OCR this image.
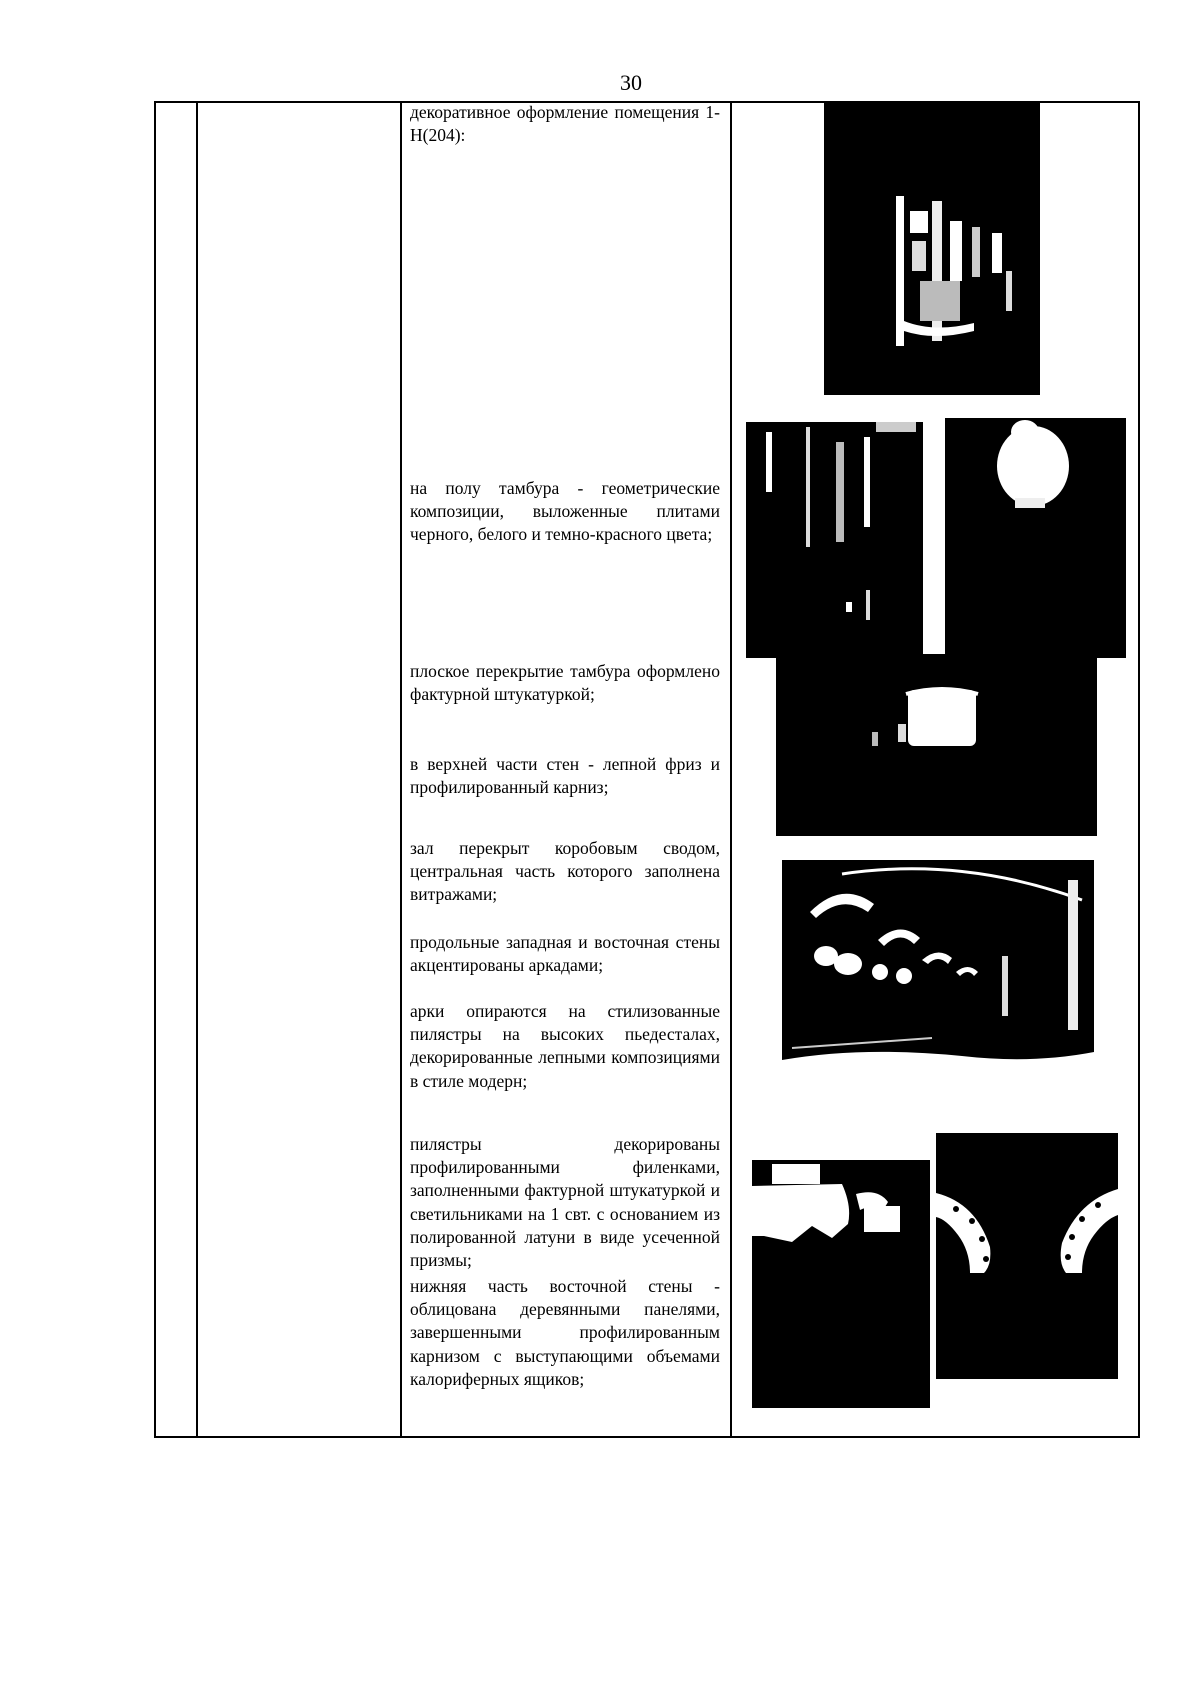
30
декоративное оформление помещения 1-Н(204):
на полу тамбура - геометрические композиции, выложенные плитами черного, белого и темно-красного цвета;
плоское перекрытие тамбура оформлено фактурной штукатуркой;
в верхней части стен - лепной фриз и профилированный карниз;
зал перекрыт коробовым сводом, центральная часть которого заполнена витражами;
продольные западная и восточная стены акцентированы аркадами;
арки опираются на стилизованные пилястры на высоких пьедесталах, декорированные лепными композициями в стиле модерн;
пилястры декорированы профилированными филенками, заполненными фактурной штукатуркой и светильниками на 1 свт. с основанием из полированной латуни в виде усеченной призмы;
нижняя часть восточной стены - облицована деревянными панелями, завершенными профилированным карнизом с выступающими объемами калориферных ящиков;
